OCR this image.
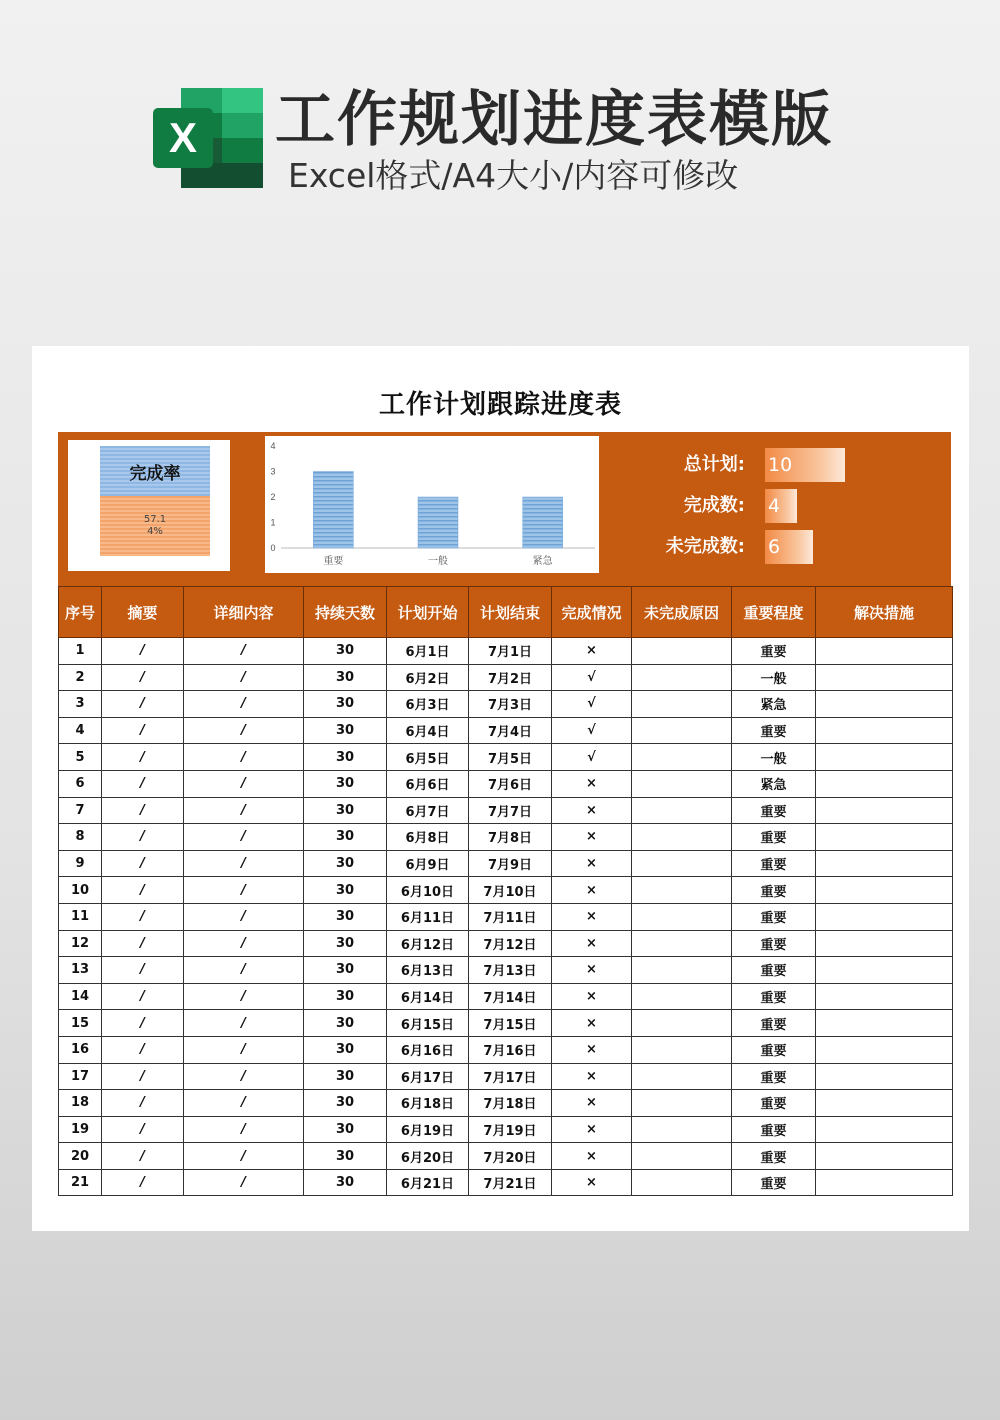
X 工作规划进度表模版
Excel格式/A4大小/内容可修改
工作计划跟踪进度表
完成率
57.1
4%
0
1
2
3
4
重要	一般	紧急
总计划: 10
完成数: 4
未完成数: 6
序号	摘要	详细内容	持续天数	计划开始	计划结束	完成情况	未完成原因	重要程度	解决措施
1	/	/	30	6月1日	7月1日	×		重要	
2	/	/	30	6月2日	7月2日	√		一般	
3	/	/	30	6月3日	7月3日	√		紧急	
4	/	/	30	6月4日	7月4日	√		重要	
5	/	/	30	6月5日	7月5日	√		一般	
6	/	/	30	6月6日	7月6日	×		紧急	
7	/	/	30	6月7日	7月7日	×		重要	
8	/	/	30	6月8日	7月8日	×		重要	
9	/	/	30	6月9日	7月9日	×		重要	
10	/	/	30	6月10日	7月10日	×		重要	
11	/	/	30	6月11日	7月11日	×		重要	
12	/	/	30	6月12日	7月12日	×		重要	
13	/	/	30	6月13日	7月13日	×		重要	
14	/	/	30	6月14日	7月14日	×		重要	
15	/	/	30	6月15日	7月15日	×		重要	
16	/	/	30	6月16日	7月16日	×		重要	
17	/	/	30	6月17日	7月17日	×		重要	
18	/	/	30	6月18日	7月18日	×		重要	
19	/	/	30	6月19日	7月19日	×		重要	
20	/	/	30	6月20日	7月20日	×		重要	
21	/	/	30	6月21日	7月21日	×		重要	
